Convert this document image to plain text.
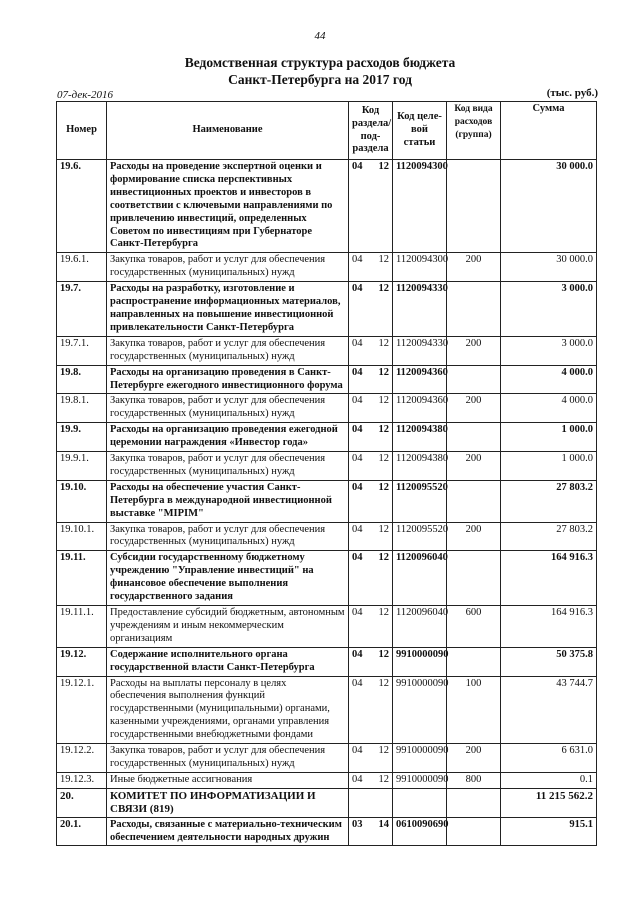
44
Ведомственная структура расходов бюджета
Санкт-Петербурга на 2017 год
07-дек-2016	(тыс. руб.)
Номер	Наименование	Код раздела/ под- раздела	Код целе- вой статьи	Код вида расходов (группа)	Сумма
19.6.	Расходы на проведение экспертной оценки и формирование списка перспективных инвестиционных проектов и инвесторов в соответствии с ключевыми направлениями по привлечению инвестиций, определенных Советом по инвестициям при Губернаторе Санкт-Петербурга	04 12	1120094300		30 000.0
19.6.1.	Закупка товаров, работ и услуг для обеспечения государственных (муниципальных) нужд	04 12	1120094300	200	30 000.0
19.7.	Расходы на разработку, изготовление и распространение информационных материалов, направленных на повышение инвестиционной привлекательности Санкт-Петербурга	04 12	1120094330		3 000.0
19.7.1.	Закупка товаров, работ и услуг для обеспечения государственных (муниципальных) нужд	04 12	1120094330	200	3 000.0
19.8.	Расходы на организацию проведения в Санкт-Петербурге ежегодного инвестиционного форума	04 12	1120094360		4 000.0
19.8.1.	Закупка товаров, работ и услуг для обеспечения государственных (муниципальных) нужд	04 12	1120094360	200	4 000.0
19.9.	Расходы на организацию проведения ежегодной церемонии награждения «Инвестор года»	04 12	1120094380		1 000.0
19.9.1.	Закупка товаров, работ и услуг для обеспечения государственных (муниципальных) нужд	04 12	1120094380	200	1 000.0
19.10.	Расходы на обеспечение участия Санкт-Петербурга в международной инвестиционной выставке "MIPIM"	04 12	1120095520		27 803.2
19.10.1.	Закупка товаров, работ и услуг для обеспечения государственных (муниципальных) нужд	04 12	1120095520	200	27 803.2
19.11.	Субсидии государственному бюджетному учреждению "Управление инвестиций" на финансовое обеспечение выполнения государственного задания	04 12	1120096040		164 916.3
19.11.1.	Предоставление субсидий бюджетным, автономным учреждениям и иным некоммерческим организациям	04 12	1120096040	600	164 916.3
19.12.	Содержание исполнительного органа государственной власти Санкт-Петербурга	04 12	9910000090		50 375.8
19.12.1.	Расходы на выплаты персоналу в целях обеспечения выполнения функций государственными (муниципальными) органами, казенными учреждениями, органами управления государственными внебюджетными фондами	04 12	9910000090	100	43 744.7
19.12.2.	Закупка товаров, работ и услуг для обеспечения государственных (муниципальных) нужд	04 12	9910000090	200	6 631.0
19.12.3.	Иные бюджетные ассигнования	04 12	9910000090	800	0.1
20.	КОМИТЕТ ПО ИНФОРМАТИЗАЦИИ И СВЯЗИ (819)				11 215 562.2
20.1.	Расходы, связанные с материально-техническим обеспечением деятельности народных дружин	03 14	0610090690		915.1
